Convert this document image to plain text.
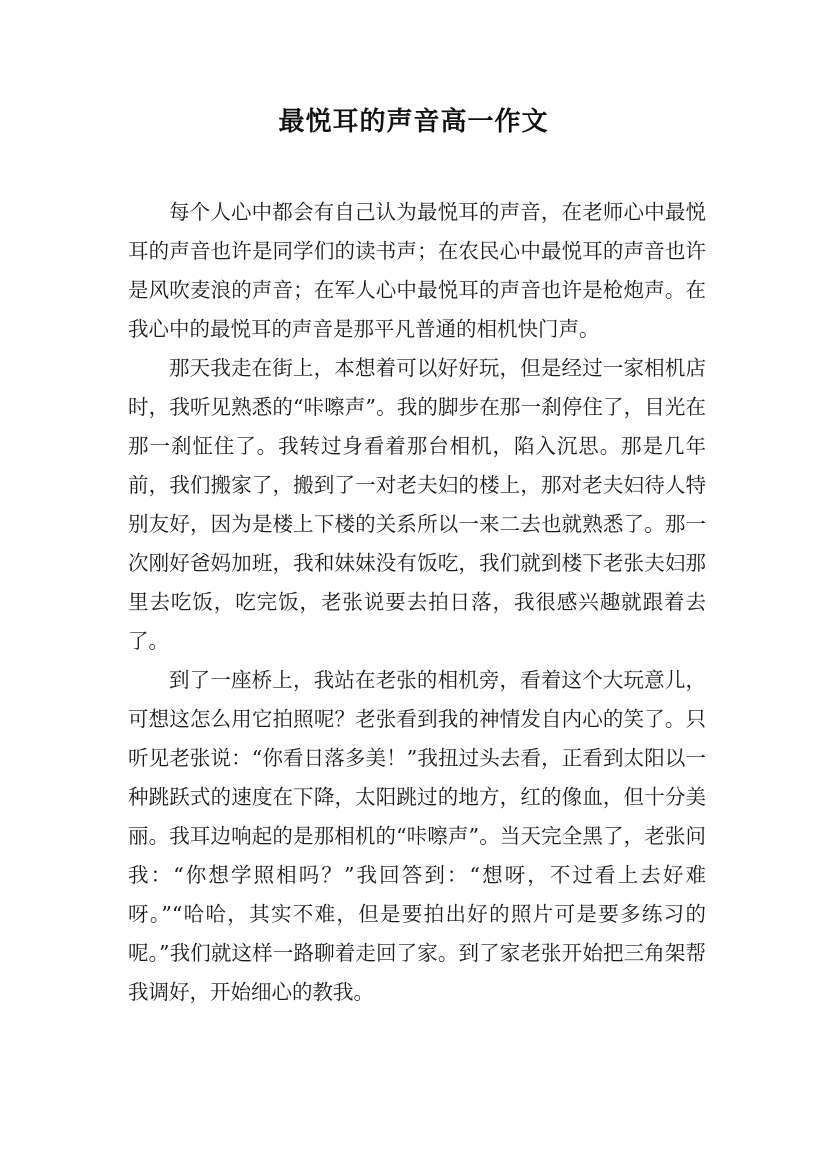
最悦耳的声音高一作文

每个人心中都会有自己认为最悦耳的声音，在老师心中最悦耳的声音也许是同学们的读书声；在农民心中最悦耳的声音也许是风吹麦浪的声音；在军人心中最悦耳的声音也许是枪炮声。在我心中的最悦耳的声音是那平凡普通的相机快门声。

那天我走在街上，本想着可以好好玩，但是经过一家相机店时，我听见熟悉的“咔嚓声”。我的脚步在那一刹停住了，目光在那一刹怔住了。我转过身看着那台相机，陷入沉思。那是几年前，我们搬家了，搬到了一对老夫妇的楼上，那对老夫妇待人特别友好，因为是楼上下楼的关系所以一来二去也就熟悉了。那一次刚好爸妈加班，我和妹妹没有饭吃，我们就到楼下老张夫妇那里去吃饭，吃完饭，老张说要去拍日落，我很感兴趣就跟着去了。

到了一座桥上，我站在老张的相机旁，看着这个大玩意儿，可想这怎么用它拍照呢？老张看到我的神情发自内心的笑了。只听见老张说：“你看日落多美！”我扭过头去看，正看到太阳以一种跳跃式的速度在下降，太阳跳过的地方，红的像血，但十分美丽。我耳边响起的是那相机的“咔嚓声”。当天完全黑了，老张问我：“你想学照相吗？”我回答到：“想呀，不过看上去好难呀。”“哈哈，其实不难，但是要拍出好的照片可是要多练习的呢。”我们就这样一路聊着走回了家。到了家老张开始把三角架帮我调好，开始细心的教我。
